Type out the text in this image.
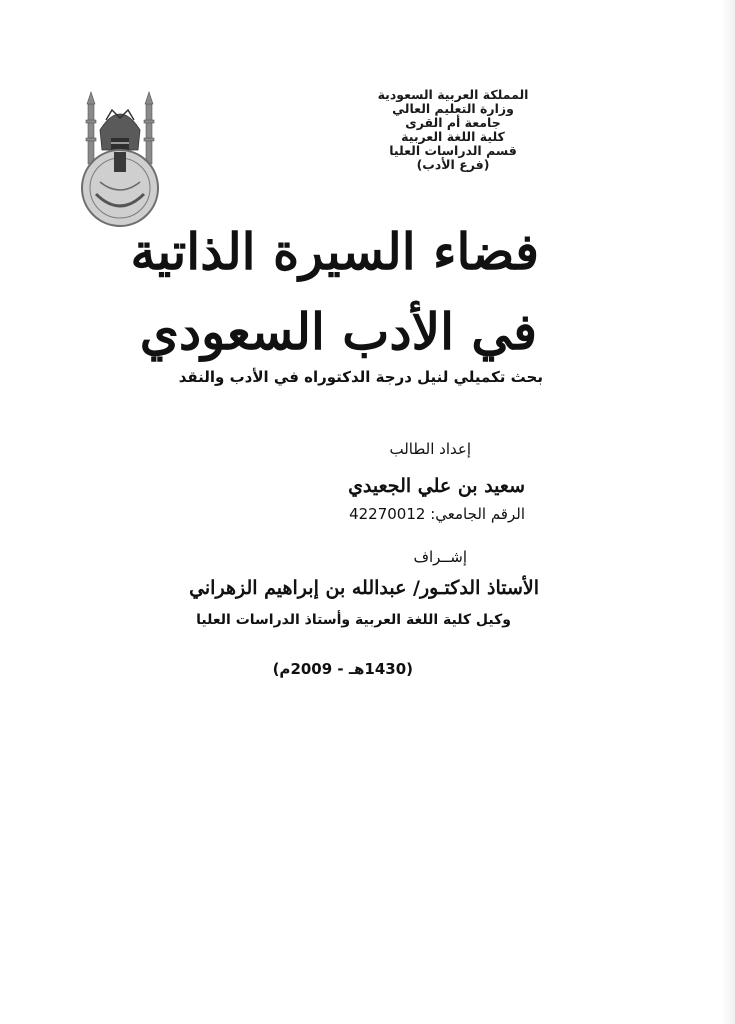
المملكة العربية السعودية
وزارة التعليم العالي
جامعة أم القرى
كلية اللغة العربية
قسم الدراسات العليا
(فرع الأدب)
فضاء السيرة الذاتية
في الأدب السعودي
بحث تكميلي لنيل درجة الدكتوراه في الأدب والنقد
إعداد الطالب
سعيد بن علي الجعيدي
الرقم الجامعي: 42270012
إشــراف
الأستاذ الدكتـور/ عبدالله بن إبراهيم الزهراني
وكيل كلية اللغة العربية وأستاذ الدراسات العليا
(1430هـ - 2009م)
